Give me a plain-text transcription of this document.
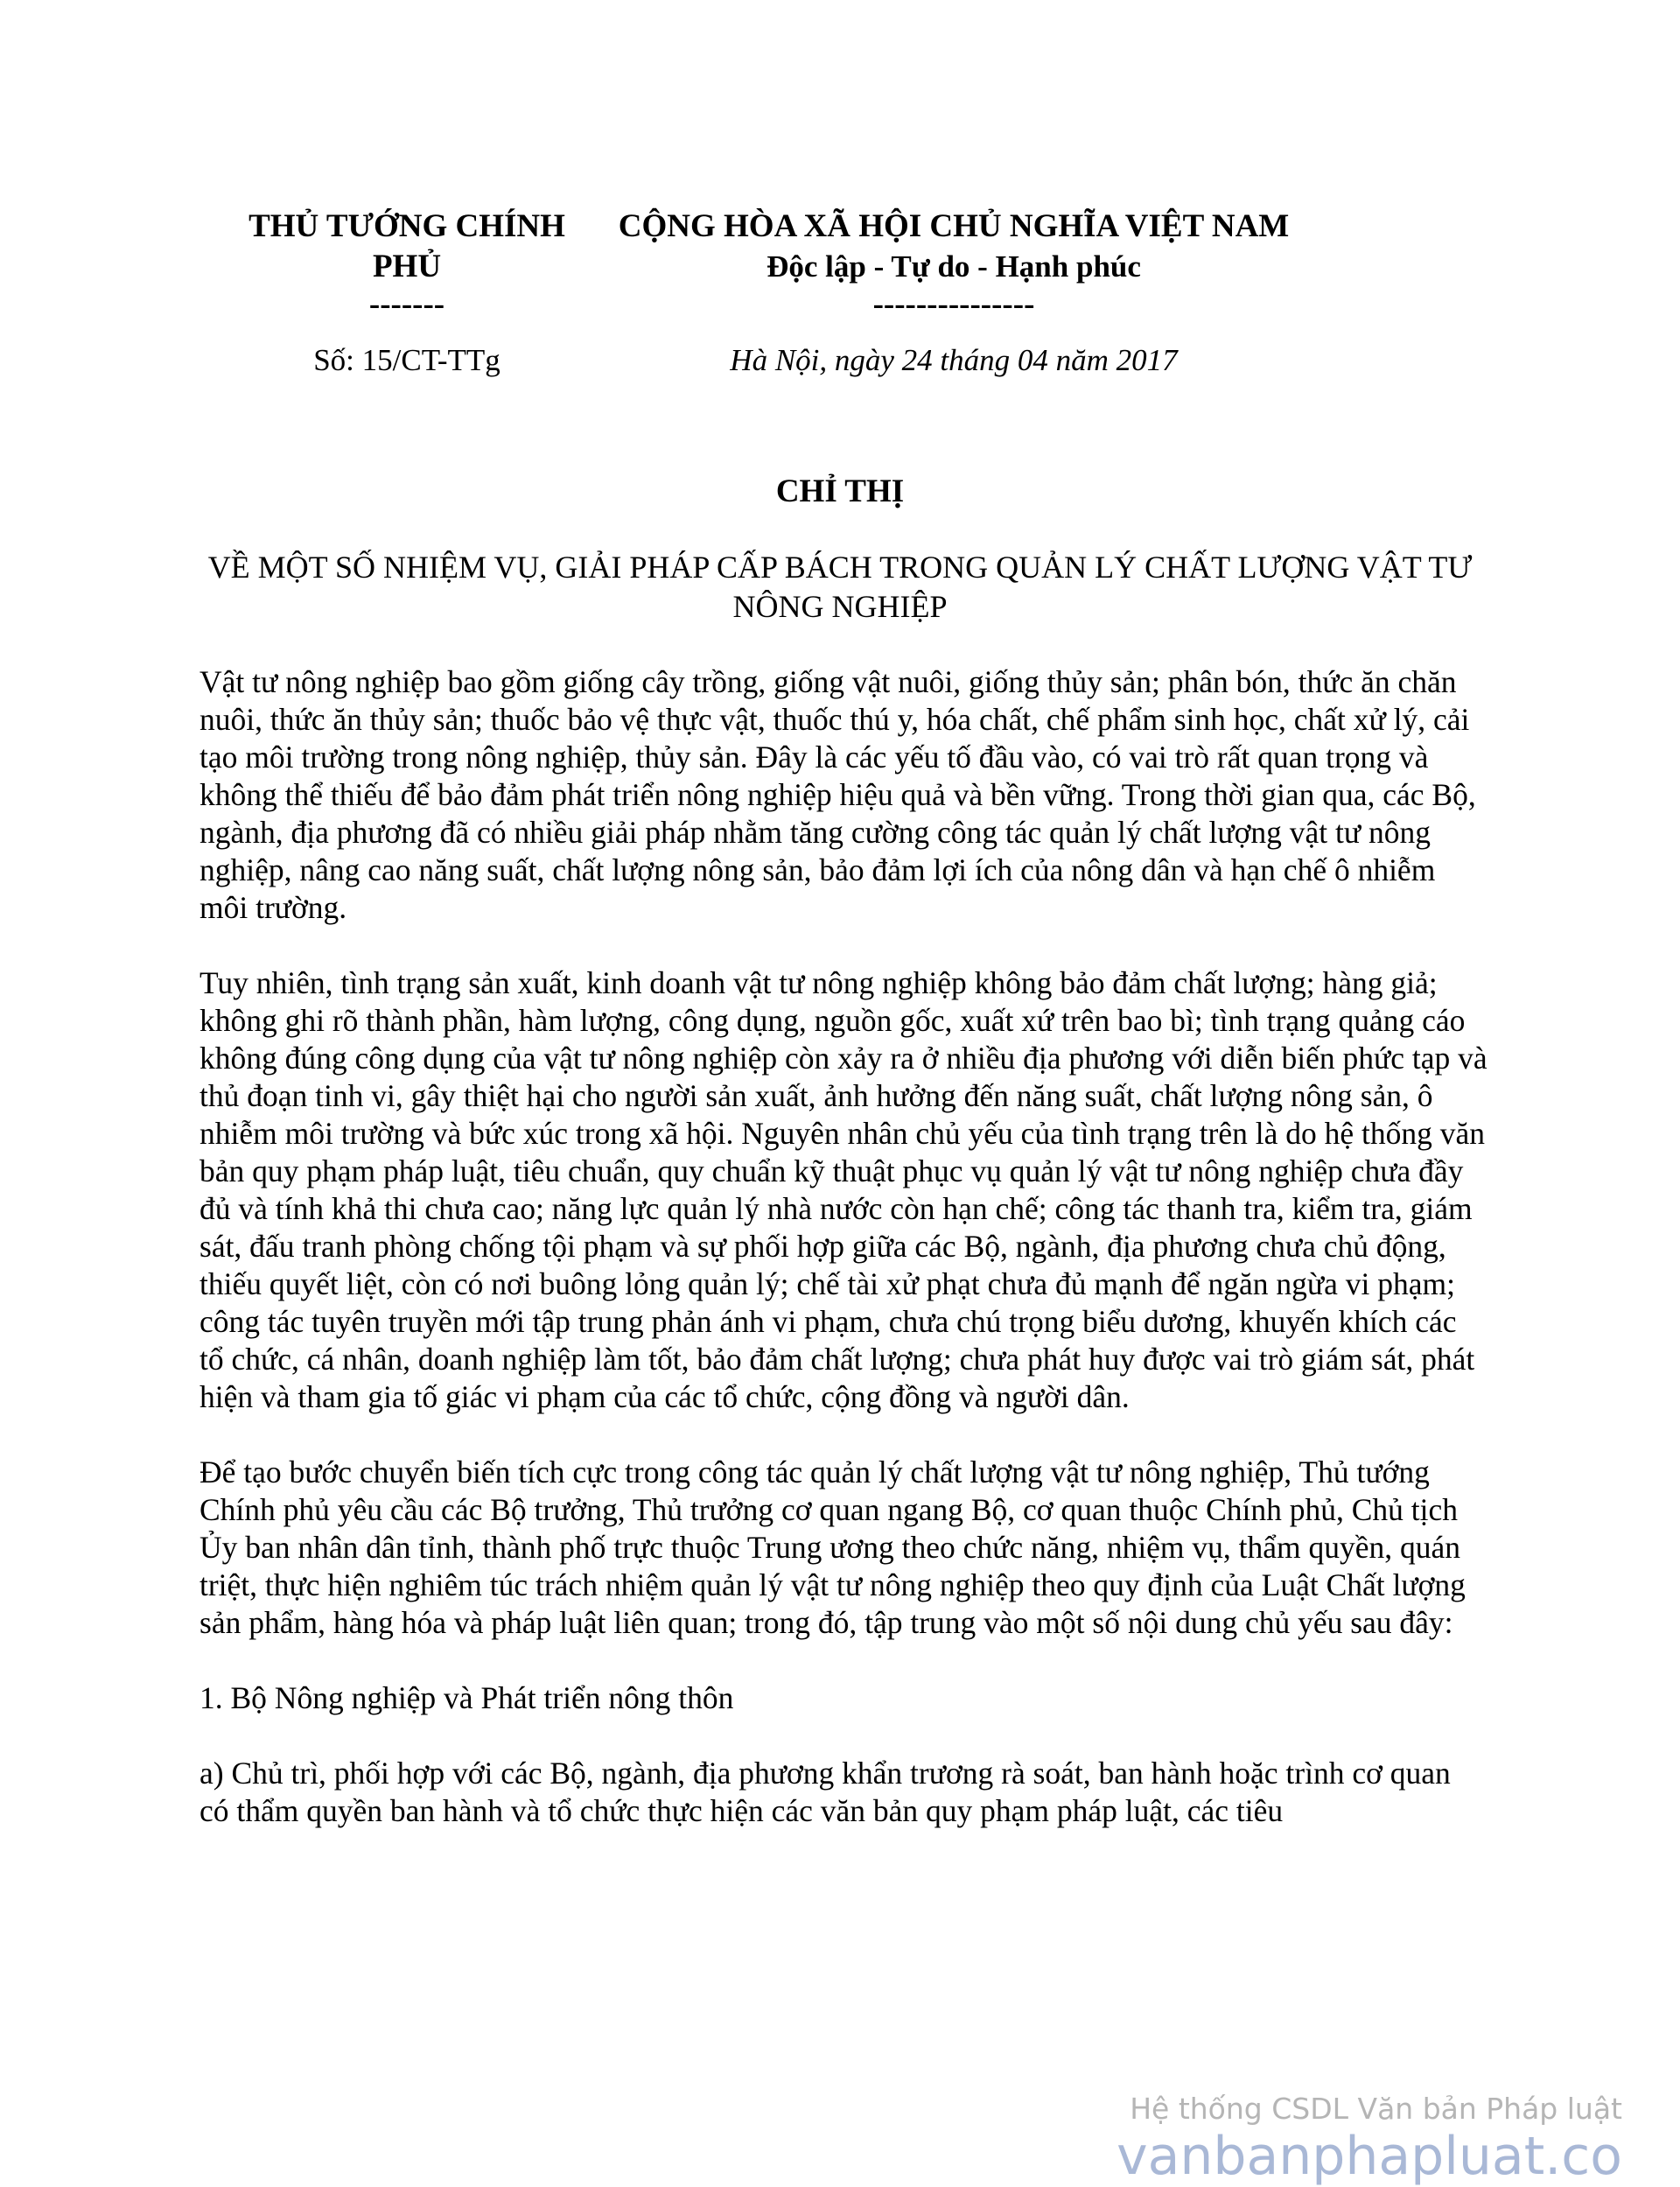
THỦ TƯỚNG CHÍNH
PHỦ
-------
CỘNG HÒA XÃ HỘI CHỦ NGHĨA VIỆT NAM
Độc lập - Tự do - Hạnh phúc
---------------
Số: 15/CT-TTg	Hà Nội, ngày 24 tháng 04 năm 2017
CHỈ THỊ
VỀ MỘT SỐ NHIỆM VỤ, GIẢI PHÁP CẤP BÁCH TRONG QUẢN LÝ CHẤT LƯỢNG VẬT TƯ NÔNG NGHIỆP

Vật tư nông nghiệp bao gồm giống cây trồng, giống vật nuôi, giống thủy sản; phân bón, thức ăn chăn nuôi, thức ăn thủy sản; thuốc bảo vệ thực vật, thuốc thú y, hóa chất, chế phẩm sinh học, chất xử lý, cải tạo môi trường trong nông nghiệp, thủy sản. Đây là các yếu tố đầu vào, có vai trò rất quan trọng và không thể thiếu để bảo đảm phát triển nông nghiệp hiệu quả và bền vững. Trong thời gian qua, các Bộ, ngành, địa phương đã có nhiều giải pháp nhằm tăng cường công tác quản lý chất lượng vật tư nông nghiệp, nâng cao năng suất, chất lượng nông sản, bảo đảm lợi ích của nông dân và hạn chế ô nhiễm môi trường.

Tuy nhiên, tình trạng sản xuất, kinh doanh vật tư nông nghiệp không bảo đảm chất lượng; hàng giả; không ghi rõ thành phần, hàm lượng, công dụng, nguồn gốc, xuất xứ trên bao bì; tình trạng quảng cáo không đúng công dụng của vật tư nông nghiệp còn xảy ra ở nhiều địa phương với diễn biến phức tạp và thủ đoạn tinh vi, gây thiệt hại cho người sản xuất, ảnh hưởng đến năng suất, chất lượng nông sản, ô nhiễm môi trường và bức xúc trong xã hội. Nguyên nhân chủ yếu của tình trạng trên là do hệ thống văn bản quy phạm pháp luật, tiêu chuẩn, quy chuẩn kỹ thuật phục vụ quản lý vật tư nông nghiệp chưa đầy đủ và tính khả thi chưa cao; năng lực quản lý nhà nước còn hạn chế; công tác thanh tra, kiểm tra, giám sát, đấu tranh phòng chống tội phạm và sự phối hợp giữa các Bộ, ngành, địa phương chưa chủ động, thiếu quyết liệt, còn có nơi buông lỏng quản lý; chế tài xử phạt chưa đủ mạnh để ngăn ngừa vi phạm; công tác tuyên truyền mới tập trung phản ánh vi phạm, chưa chú trọng biểu dương, khuyến khích các tổ chức, cá nhân, doanh nghiệp làm tốt, bảo đảm chất lượng; chưa phát huy được vai trò giám sát, phát hiện và tham gia tố giác vi phạm của các tổ chức, cộng đồng và người dân.

Để tạo bước chuyển biến tích cực trong công tác quản lý chất lượng vật tư nông nghiệp, Thủ tướng Chính phủ yêu cầu các Bộ trưởng, Thủ trưởng cơ quan ngang Bộ, cơ quan thuộc Chính phủ, Chủ tịch Ủy ban nhân dân tỉnh, thành phố trực thuộc Trung ương theo chức năng, nhiệm vụ, thẩm quyền, quán triệt, thực hiện nghiêm túc trách nhiệm quản lý vật tư nông nghiệp theo quy định của Luật Chất lượng sản phẩm, hàng hóa và pháp luật liên quan; trong đó, tập trung vào một số nội dung chủ yếu sau đây:

1. Bộ Nông nghiệp và Phát triển nông thôn

a) Chủ trì, phối hợp với các Bộ, ngành, địa phương khẩn trương rà soát, ban hành hoặc trình cơ quan có thẩm quyền ban hành và tổ chức thực hiện các văn bản quy phạm pháp luật, các tiêu

Hệ thống CSDL Văn bản Pháp luật
vanbanphapluat.co
